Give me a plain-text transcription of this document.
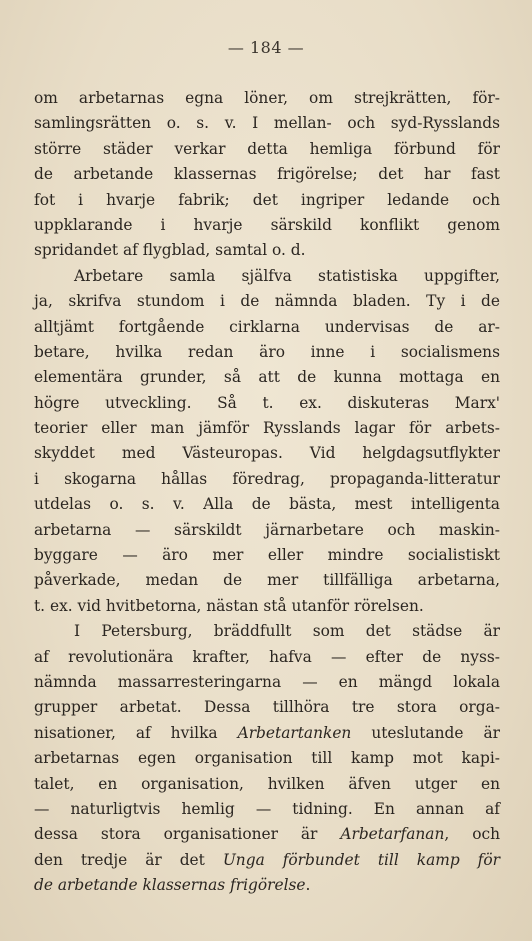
— 184 —
om arbetarnas egna löner, om strejkrätten, för-
samlingsrätten o. s. v. I mellan- och syd-Rysslands
större städer verkar detta hemliga förbund för
de arbetande klassernas frigörelse; det har fast
fot i hvarje fabrik; det ingriper ledande och
uppklarande i hvarje särskild konflikt genom
spridandet af flygblad, samtal o. d.
Arbetare samla själfva statistiska uppgifter,
ja, skrifva stundom i de nämnda bladen. Ty i de
alltjämt fortgående cirklarna undervisas de ar-
betare, hvilka redan äro inne i socialismens
elementära grunder, så att de kunna mottaga en
högre utveckling. Så t. ex. diskuteras Marx'
teorier eller man jämför Rysslands lagar för arbets-
skyddet med Västeuropas. Vid helgdagsutflykter
i skogarna hållas föredrag, propaganda-litteratur
utdelas o. s. v. Alla de bästa, mest intelligenta
arbetarna — särskildt järnarbetare och maskin-
byggare — äro mer eller mindre socialistiskt
påverkade, medan de mer tillfälliga arbetarna,
t. ex. vid hvitbetorna, nästan stå utanför rörelsen.
I Petersburg, bräddfullt som det städse är
af revolutionära krafter, hafva — efter de nyss-
nämnda massarresteringarna — en mängd lokala
grupper arbetat. Dessa tillhöra tre stora orga-
nisationer, af hvilka Arbetartanken uteslutande är
arbetarnas egen organisation till kamp mot kapi-
talet, en organisation, hvilken äfven utger en
— naturligtvis hemlig — tidning. En annan af
dessa stora organisationer är Arbetarfanan, och
den tredje är det Unga förbundet till kamp för
de arbetande klassernas frigörelse.
